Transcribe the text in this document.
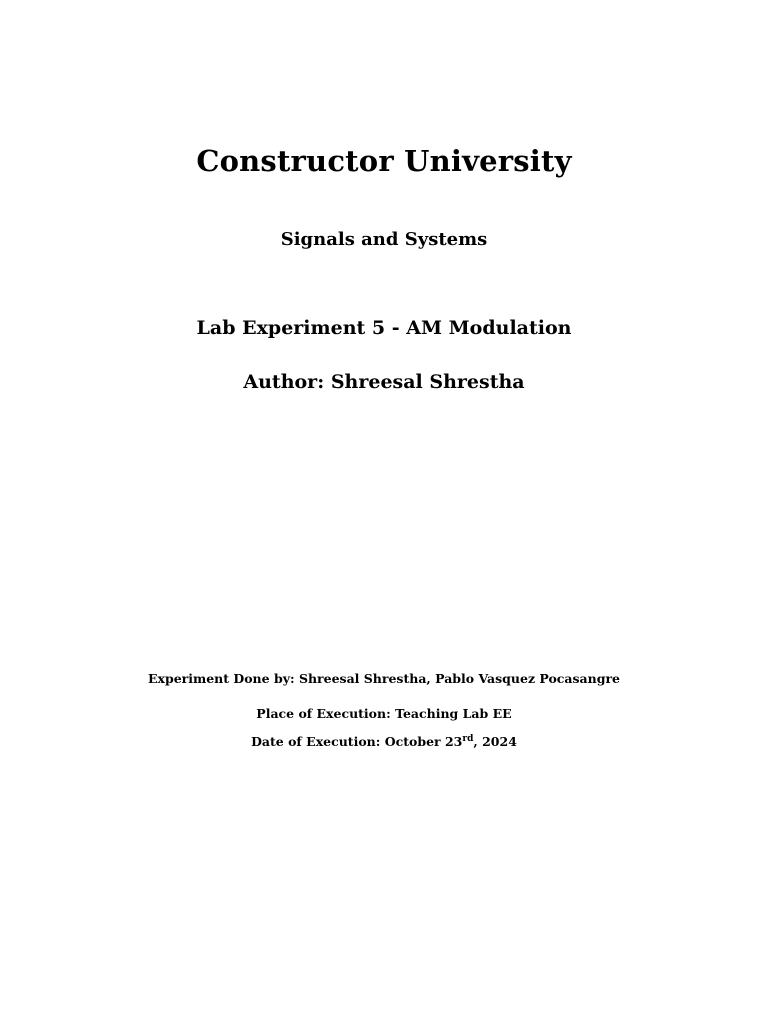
Constructor University
Signals and Systems
Lab Experiment 5 - AM Modulation
Author: Shreesal Shrestha
Experiment Done by: Shreesal Shrestha, Pablo Vasquez Pocasangre
Place of Execution: Teaching Lab EE
Date of Execution: October 23rd, 2024
